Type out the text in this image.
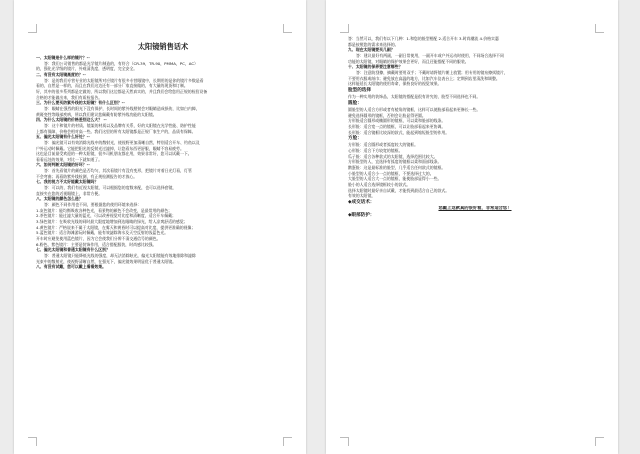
太阳镜销售话术
一、太阳镜是什么样的镜片？--
答：我们公司销售的都是光学镜片制造的，有符合（CR-39，TR-90，PMMA，PC，AC）
的，强化光学级的镜片，外观清洗度，透明度，完全安全。
二、有没有太阳镜高度的？--
答：是的我们专营专业的太阳镜所对应镜片有很多专营眼镜中，长期用的是你的镜片多数是看
看的，自然是一样的，而且在我们这边还有一部分厂家直接做的，有大量的现货和订制。
好，其中的很多系列都是定做的，所以我们这边都是天然真实的，并且我们会给您用正规的检验设备
合格的才能做出来，我们有质检报告。
三、为什么要买防紫外线的太阳镜？有什么区别？--
答：眼睛在强烈的阳光下没有保护，长时间的紫外线照射会对眼睛造成损伤，比如白内障，
黄斑变性等眼部疾病，所以我们建议您佩戴有防紫外线功能的太阳镜。
四、为什么太阳镜的价格差别这么大？ --
答：这个和镜片的材质、镜架的材质以及品牌有关系，好的太阳镜在光学性能、防护性能
上都有保障，价格会相对高一些。我们这里的所有太阳镜都是正规厂家生产的，品质有保障。
五、偏光太阳镜有什么好处？--
答：偏光镜可以有效消除光线中的散射光，使视野更加清晰自然，特别适合开车、钓鱼以及
户外运动时佩戴。它能把阳光的反射光过滤掉，让您看东西更舒服，眼睛不容易疲劳。
这也是目前最受欢迎的一种太阳镜，很多司机朋友都在用，效果非常好，您可以试戴一下。
看看远处的效果，对比一下就知道了。
六、如何判断太阳镜的好坏？--
答：首先看镜片的颜色是否均匀，其次看镜片有没有变形，把镜片对着日光灯看，灯管
不会弯曲；再看防紫外线检测，有正规检测报告的才放心。
七、我的视力不太好能戴太阳镜吗？
答：可以的，我们有近视太阳镜，可以根据您的度数来配，也可以选择套镜，
直接夹在您的近视眼镜上，非常方便。
八、太阳镜的颜色怎么选？
答：颜色不同作用也不同，要根据您的使用环境来选择：
1.灰色镜片：能均衡吸收各种色光，看景物的颜色不会改变，是最常用的颜色；
2.茶色镜片：能过滤大量的蓝光，可以改善视觉对比度和清晰度，适合开车佩戴；
3.绿色镜片：在吸收光线的同时最大限度地增加到达眼睛的绿光，给人凉爽舒适的感觉；
4.黄色镜片：严格说来不属于太阳镜，在雾天和黄昏时可以提高对比度，提供更准确的视像；
5.蓝色镜片：适合海滩游玩时佩戴，能有效滤除海水及天空反射的浅蓝色光。
开车时应避免使用蓝色镜片，因为它会使我们分辨不清交通信号的颜色。
6.粉色、紫色镜片：主要是装饰作用，适合搭配服装，时尚感比较强。
七、偏光太阳镜和普通太阳镜有什么区别？
答：普通太阳镜只能降低光线的强度，却无法消除眩光，偏光太阳镜能有效地排除和滤除
光束中的散射光，使视野清晰自然，在强光下，偏光镜效果明显优于普通太阳镜。
八、有没有试戴，您可以戴上看看效果。
答：当然可以，我们有以下几种：1.和您的脸型相配 2.适合开车 3.时尚潮流 4.价格实惠
都是按照您的需求来选择的。
九、现在太阳镜要买几副？
答：建议最好有两副，一副日常使用，一副开车或户外运动时使用，不同场合选择不同
功能的太阳镜，对眼睛的保护效果会更好，而且还能搭配不同的服装。
十、太阳镜的保养要注意哪些？
答：注意防刮擦，摘戴时要用双手；不戴时请将镜片朝上放置；用专用的镜布擦拭镜片，
不要用衣服或纸巾；避免放在高温的地方，比如汽车仪表台上；定期到店里清洗和调整。
这样能延长太阳镜的使用寿命，保持良好的视觉效果。
脸型的选择
作为一种实用的装饰品，太阳镜的搭配是很有讲究的，脸型不同选择也不同。
圆脸：
圆脸型的人适合方形或者有棱角的镜框，这样可以使脸部看起来更修长一些。
避免选择圆形的镜框，否则会让脸显得更圆。
方形脸适合圆形或椭圆形的镜框，可以柔和脸部的线条。
长形脸：适合宽一点的镜框，可以让脸部看起来更协调。
长形脸：适合镜框比较深的款式，能起到缩短脸型的作用。
方脸：
方形脸：适合圆形或者弧度较大的镜框。
心形脸：适合下方较宽的镜框。
瓜子脸：适合各种款式的太阳镜，选择范围比较大。
方形脸型的人，宜选择有弧度的镜框以柔和面部线条。
鹅蛋脸：这是最标准的脸型，几乎适合任何款式的镜框。
小脸型的人适合小一点的镜框，不要选择过大的。
大脸型的人适合大一点的镜框，能使脸部显得小一些。
脸小的人适合选择镜框较小的款式。
选择太阳镜时最好亲自试戴，才能找到最适合自己的款式。
有效的太阳镜，
◆成交话术：
您戴上这款真的很好看，非常适合您！
◆眼部防护：
